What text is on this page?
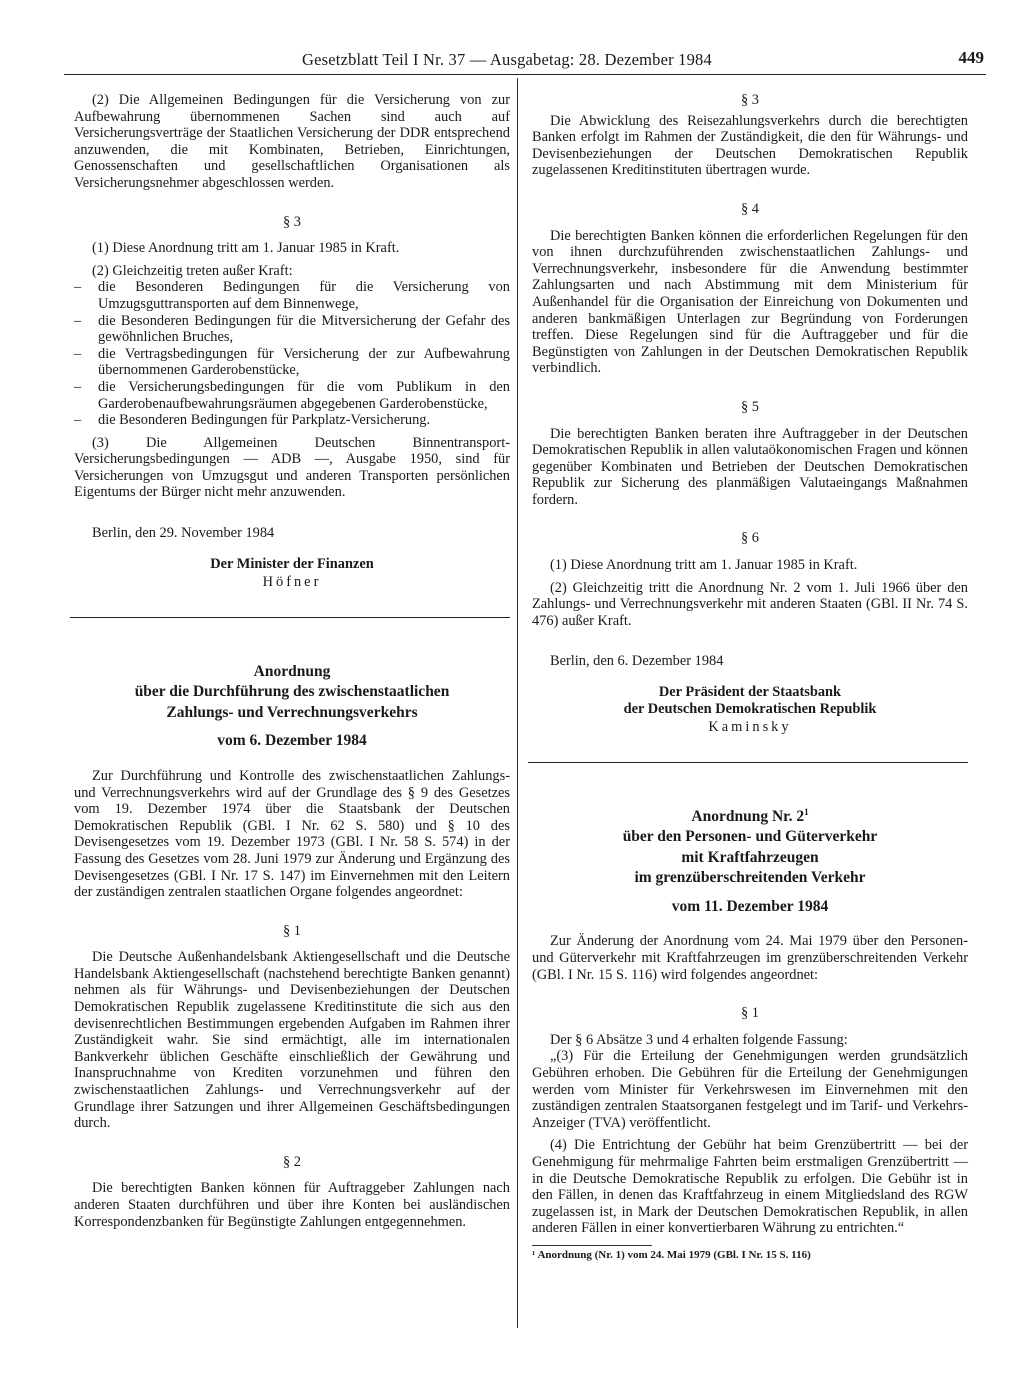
Gesetzblatt Teil I Nr. 37 — Ausgabetag: 28. Dezember 1984	449

(2) Die Allgemeinen Bedingungen für die Versicherung von zur Aufbewahrung übernommenen Sachen sind auch auf Versicherungsverträge der Staatlichen Versicherung der DDR entsprechend anzuwenden, die mit Kombinaten, Betrieben, Einrichtungen, Genossenschaften und gesellschaftlichen Organisationen als Versicherungsnehmer abgeschlossen werden.

§ 3

(1) Diese Anordnung tritt am 1. Januar 1985 in Kraft.

(2) Gleichzeitig treten außer Kraft:

– die Besonderen Bedingungen für die Versicherung von Umzugsguttransporten auf dem Binnenwege,
– die Besonderen Bedingungen für die Mitversicherung der Gefahr des gewöhnlichen Bruches,
– die Vertragsbedingungen für Versicherung der zur Aufbewahrung übernommenen Garderobenstücke,
– die Versicherungsbedingungen für die vom Publikum in den Garderobenaufbewahrungsräumen abgegebenen Garderobenstücke,
– die Besonderen Bedingungen für Parkplatz-Versicherung.

(3) Die Allgemeinen Deutschen Binnentransport-Versicherungsbedingungen — ADB —, Ausgabe 1950, sind für Versicherungen von Umzugsgut und anderen Transporten persönlichen Eigentums der Bürger nicht mehr anzuwenden.

Berlin, den 29. November 1984

Der Minister der Finanzen

Höfner

Anordnung
über die Durchführung des zwischenstaatlichen
Zahlungs- und Verrechnungsverkehrs
vom 6. Dezember 1984

Zur Durchführung und Kontrolle des zwischenstaatlichen Zahlungs- und Verrechnungsverkehrs wird auf der Grundlage des § 9 des Gesetzes vom 19. Dezember 1974 über die Staatsbank der Deutschen Demokratischen Republik (GBl. I Nr. 62 S. 580) und § 10 des Devisengesetzes vom 19. Dezember 1973 (GBl. I Nr. 58 S. 574) in der Fassung des Gesetzes vom 28. Juni 1979 zur Änderung und Ergänzung des Devisengesetzes (GBl. I Nr. 17 S. 147) im Einvernehmen mit den Leitern der zuständigen zentralen staatlichen Organe folgendes angeordnet:

§ 1

Die Deutsche Außenhandelsbank Aktiengesellschaft und die Deutsche Handelsbank Aktiengesellschaft (nachstehend berechtigte Banken genannt) nehmen als für Währungs- und Devisenbeziehungen der Deutschen Demokratischen Republik zugelassene Kreditinstitute die sich aus den devisenrechtlichen Bestimmungen ergebenden Aufgaben im Rahmen ihrer Zuständigkeit wahr. Sie sind ermächtigt, alle im internationalen Bankverkehr üblichen Geschäfte einschließlich der Gewährung und Inanspruchnahme von Krediten vorzunehmen und führen den zwischenstaatlichen Zahlungs- und Verrechnungsverkehr auf der Grundlage ihrer Satzungen und ihrer Allgemeinen Geschäftsbedingungen durch.

§ 2

Die berechtigten Banken können für Auftraggeber Zahlungen nach anderen Staaten durchführen und über ihre Konten bei ausländischen Korrespondenzbanken für Begünstigte Zahlungen entgegennehmen.

§ 3

Die Abwicklung des Reisezahlungsverkehrs durch die berechtigten Banken erfolgt im Rahmen der Zuständigkeit, die den für Währungs- und Devisenbeziehungen der Deutschen Demokratischen Republik zugelassenen Kreditinstituten übertragen wurde.

§ 4

Die berechtigten Banken können die erforderlichen Regelungen für den von ihnen durchzuführenden zwischenstaatlichen Zahlungs- und Verrechnungsverkehr, insbesondere für die Anwendung bestimmter Zahlungsarten und nach Abstimmung mit dem Ministerium für Außenhandel für die Organisation der Einreichung von Dokumenten und anderen bankmäßigen Unterlagen zur Begründung von Forderungen treffen. Diese Regelungen sind für die Auftraggeber und für die Begünstigten von Zahlungen in der Deutschen Demokratischen Republik verbindlich.

§ 5

Die berechtigten Banken beraten ihre Auftraggeber in der Deutschen Demokratischen Republik in allen valutaökonomischen Fragen und können gegenüber Kombinaten und Betrieben der Deutschen Demokratischen Republik zur Sicherung des planmäßigen Valutaeingangs Maßnahmen fordern.

§ 6

(1) Diese Anordnung tritt am 1. Januar 1985 in Kraft.

(2) Gleichzeitig tritt die Anordnung Nr. 2 vom 1. Juli 1966 über den Zahlungs- und Verrechnungsverkehr mit anderen Staaten (GBl. II Nr. 74 S. 476) außer Kraft.

Berlin, den 6. Dezember 1984

Der Präsident der Staatsbank

der Deutschen Demokratischen Republik

Kaminsky

Anordnung Nr. $2^1$
über den Personen- und Güterverkehr
mit Kraftfahrzeugen
im grenzüberschreitenden Verkehr
vom 11. Dezember 1984

Zur Änderung der Anordnung vom 24. Mai 1979 über den Personen- und Güterverkehr mit Kraftfahrzeugen im grenzüberschreitenden Verkehr (GBl. I Nr. 15 S. 116) wird folgendes angeordnet:

§ 1

Der § 6 Absätze 3 und 4 erhalten folgende Fassung:

„(3) Für die Erteilung der Genehmigungen werden grundsätzlich Gebühren erhoben. Die Gebühren für die Erteilung der Genehmigungen werden vom Minister für Verkehrswesen im Einvernehmen mit den zuständigen zentralen Staatsorganen festgelegt und im Tarif- und Verkehrs-Anzeiger (TVA) veröffentlicht.

(4) Die Entrichtung der Gebühr hat beim Grenzübertritt — bei der Genehmigung für mehrmalige Fahrten beim erstmaligen Grenzübertritt — in die Deutsche Demokratische Republik zu erfolgen. Die Gebühr ist in den Fällen, in denen das Kraftfahrzeug in einem Mitgliedsland des RGW zugelassen ist, in Mark der Deutschen Demokratischen Republik, in allen anderen Fällen in einer konvertierbaren Währung zu entrichten.“

¹ Anordnung (Nr. 1) vom 24. Mai 1979 (GBl. I Nr. 15 S. 116)
